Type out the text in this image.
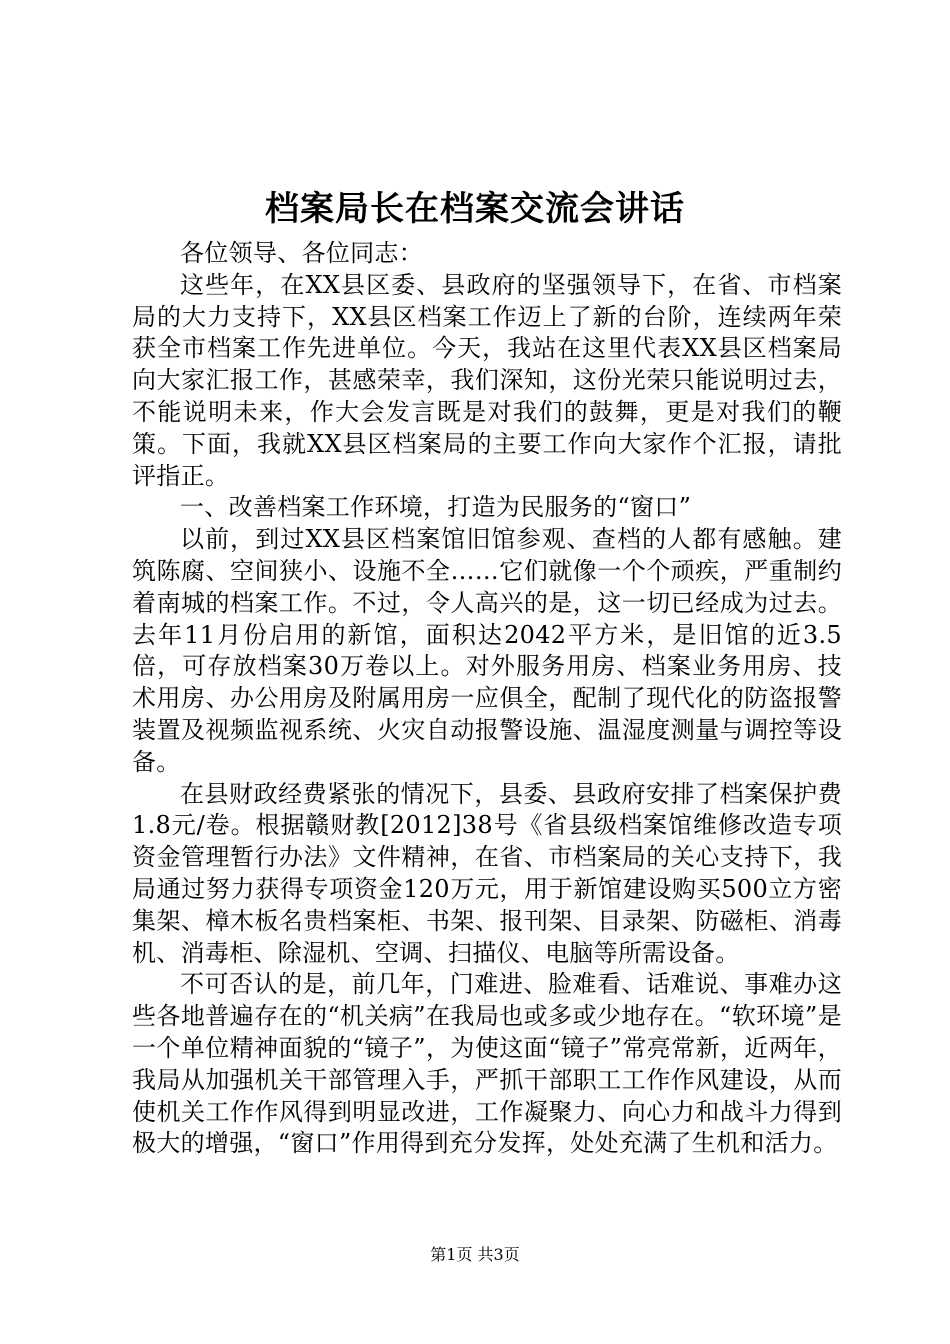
档案局长在档案交流会讲话

各位领导、各位同志：

这些年，在XX县区委、县政府的坚强领导下，在省、市档案局的大力支持下，XX县区档案工作迈上了新的台阶，连续两年荣获全市档案工作先进单位。今天，我站在这里代表XX县区档案局向大家汇报工作，甚感荣幸，我们深知，这份光荣只能说明过去，不能说明未来，作大会发言既是对我们的鼓舞，更是对我们的鞭策。下面，我就XX县区档案局的主要工作向大家作个汇报，请批评指正。

一、改善档案工作环境，打造为民服务的“窗口”

以前，到过XX县区档案馆旧馆参观、查档的人都有感触。建筑陈腐、空间狭小、设施不全……它们就像一个个顽疾，严重制约着南城的档案工作。不过，令人高兴的是，这一切已经成为过去。去年11月份启用的新馆，面积达2042平方米，是旧馆的近3.5倍，可存放档案30万卷以上。对外服务用房、档案业务用房、技术用房、办公用房及附属用房一应俱全，配制了现代化的防盗报警装置及视频监视系统、火灾自动报警设施、温湿度测量与调控等设备。

在县财政经费紧张的情况下，县委、县政府安排了档案保护费1.8元/卷。根据赣财教[2012]38号《省县级档案馆维修改造专项资金管理暂行办法》文件精神，在省、市档案局的关心支持下，我局通过努力获得专项资金120万元，用于新馆建设购买500立方密集架、樟木板名贵档案柜、书架、报刊架、目录架、防磁柜、消毒机、消毒柜、除湿机、空调、扫描仪、电脑等所需设备。

不可否认的是，前几年，门难进、脸难看、话难说、事难办这些各地普遍存在的“机关病”在我局也或多或少地存在。“软环境”是一个单位精神面貌的“镜子”，为使这面“镜子”常亮常新，近两年，我局从加强机关干部管理入手，严抓干部职工工作作风建设，从而使机关工作作风得到明显改进，工作凝聚力、向心力和战斗力得到极大的增强，“窗口”作用得到充分发挥，处处充满了生机和活力。

第1页 共3页
